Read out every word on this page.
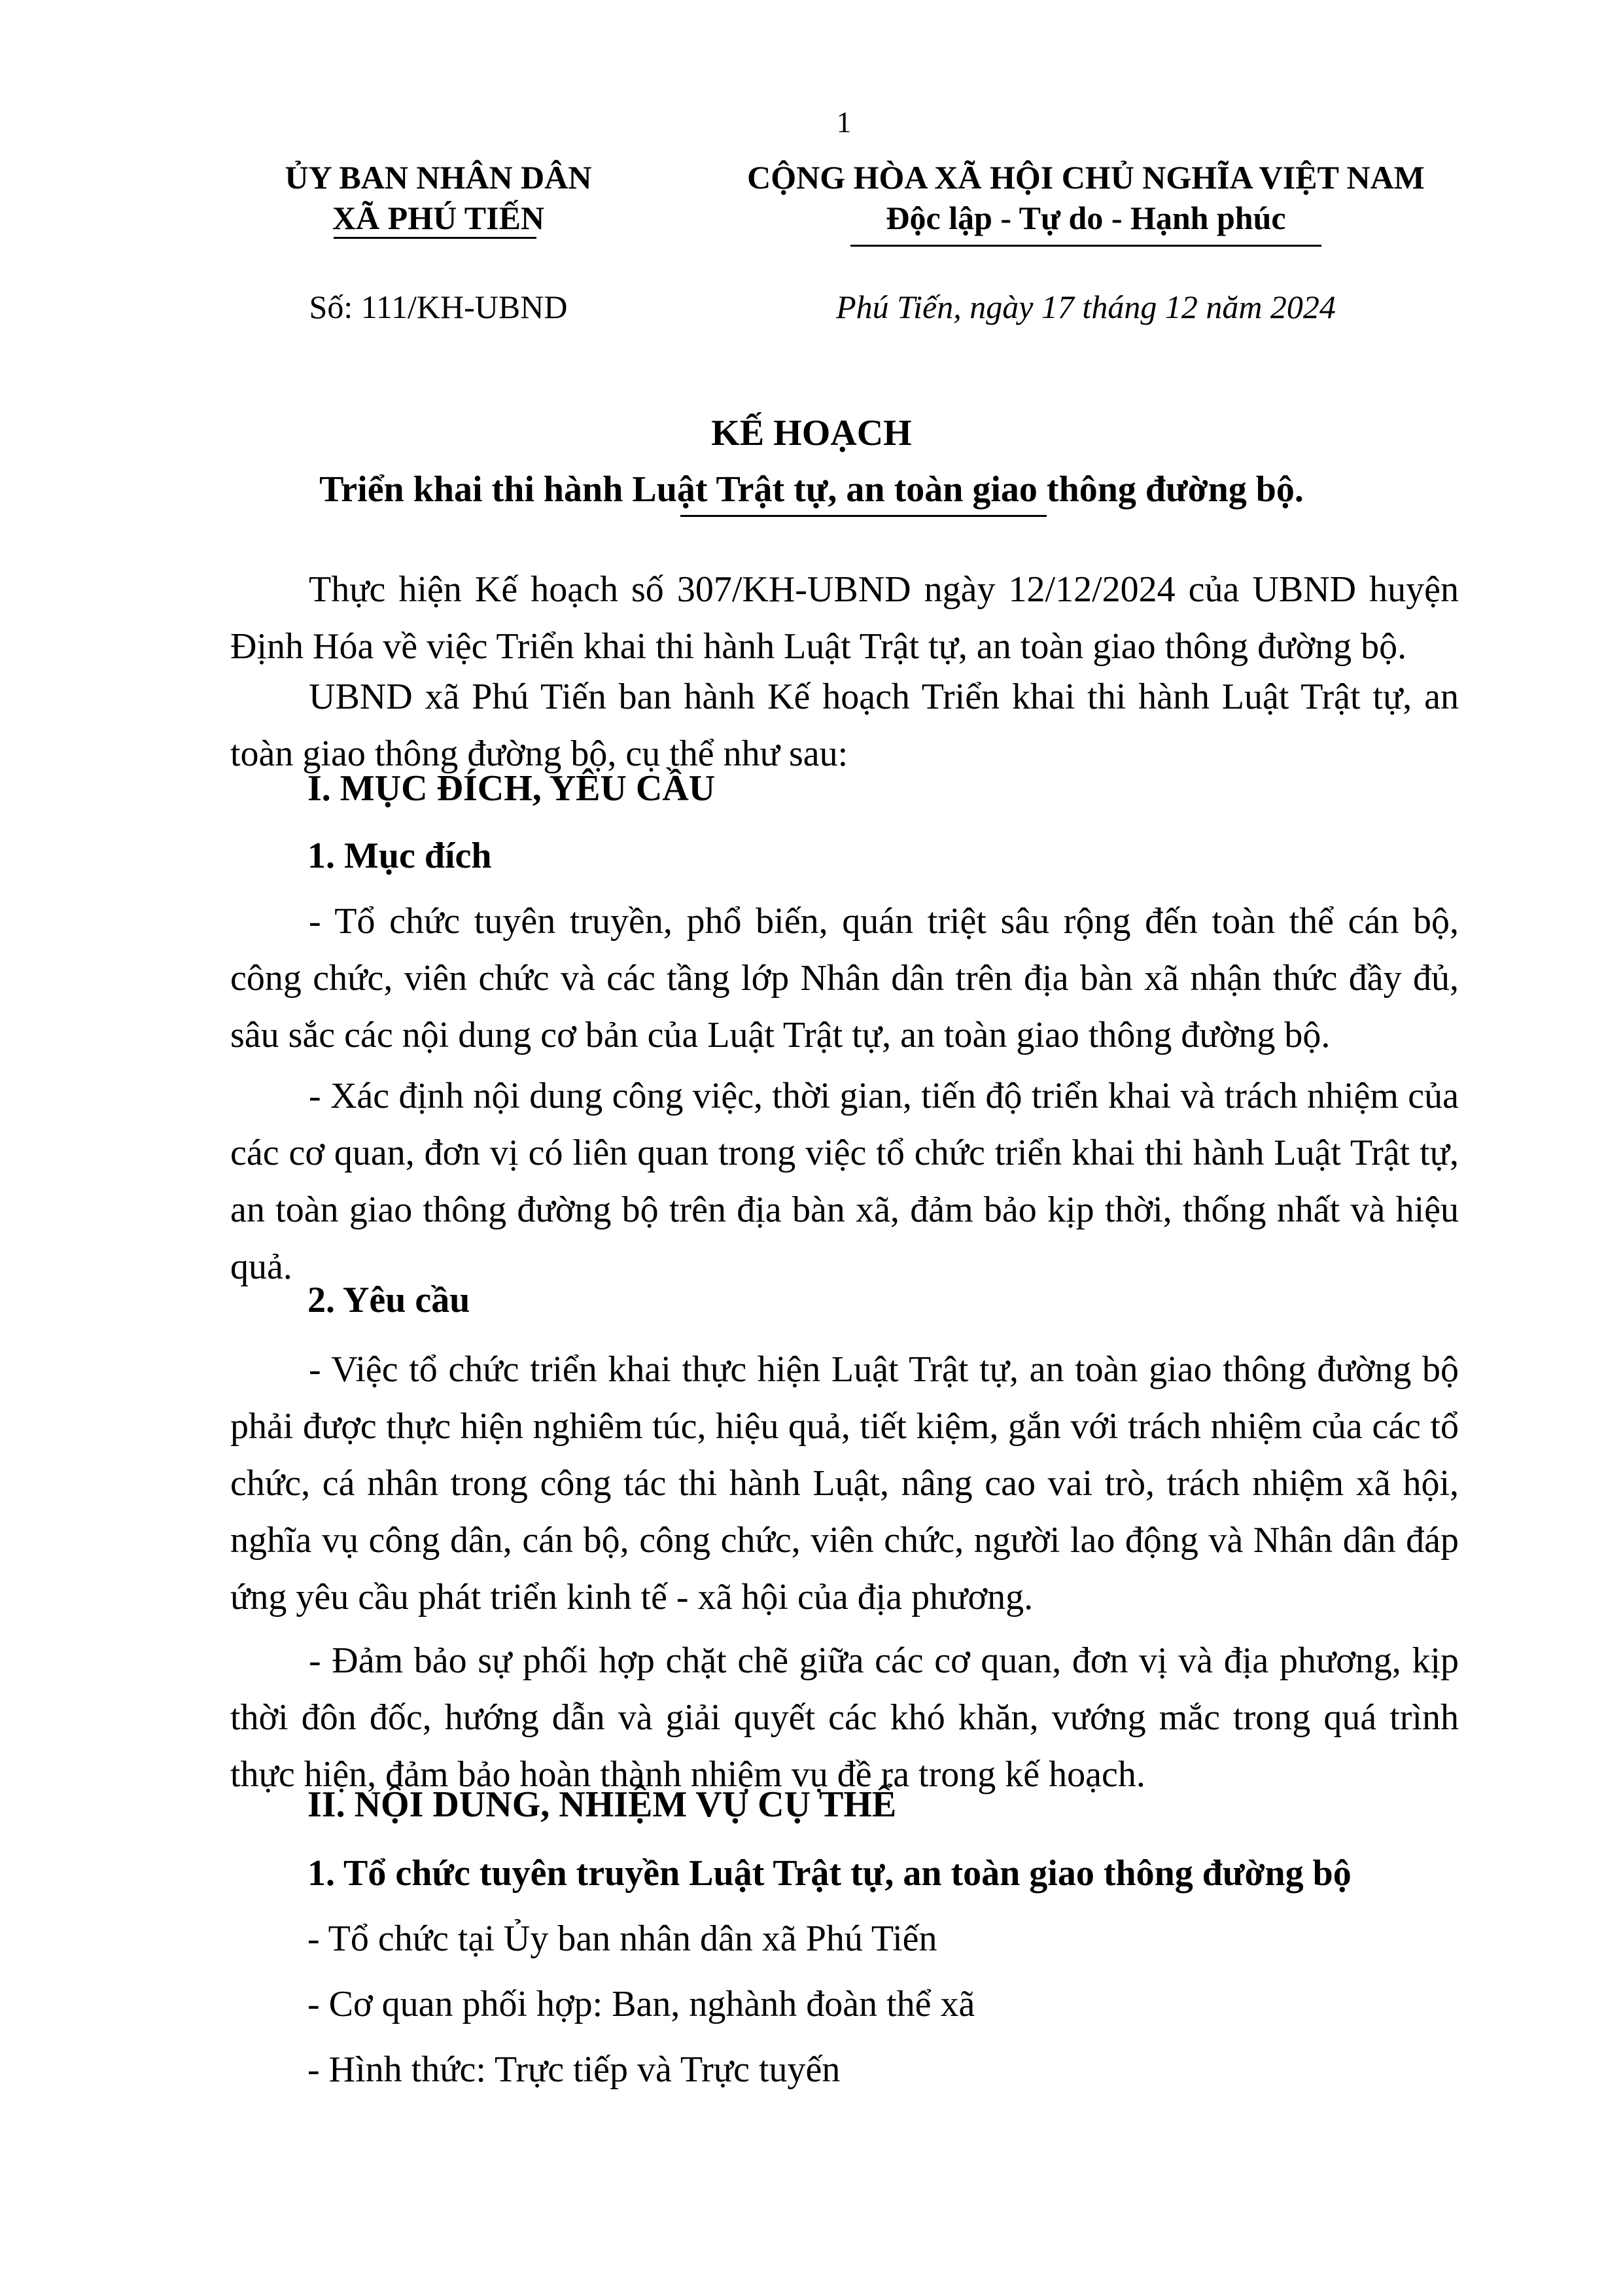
1
ỦY BAN NHÂN DÂN
XÃ PHÚ TIẾN
CỘNG HÒA XÃ HỘI CHỦ NGHĨA VIỆT NAM
Độc lập - Tự do - Hạnh phúc
Số: 111/KH-UBND	Phú Tiến, ngày 17 tháng 12 năm 2024
KẾ HOẠCH
Triển khai thi hành Luật Trật tự, an toàn giao thông đường bộ.
Thực hiện Kế hoạch số 307/KH-UBND ngày 12/12/2024 của UBND huyện Định Hóa về việc Triển khai thi hành Luật Trật tự, an toàn giao thông đường bộ.
UBND xã Phú Tiến ban hành Kế hoạch Triển khai thi hành Luật Trật tự, an toàn giao thông đường bộ, cụ thể như sau:
I. MỤC ĐÍCH, YÊU CẦU
1. Mục đích
- Tổ chức tuyên truyền, phổ biến, quán triệt sâu rộng đến toàn thể cán bộ, công chức, viên chức và các tầng lớp Nhân dân trên địa bàn xã nhận thức đầy đủ, sâu sắc các nội dung cơ bản của Luật Trật tự, an toàn giao thông đường bộ.
- Xác định nội dung công việc, thời gian, tiến độ triển khai và trách nhiệm của các cơ quan, đơn vị có liên quan trong việc tổ chức triển khai thi hành Luật Trật tự, an toàn giao thông đường bộ trên địa bàn xã, đảm bảo kịp thời, thống nhất và hiệu quả.
2. Yêu cầu
- Việc tổ chức triển khai thực hiện Luật Trật tự, an toàn giao thông đường bộ phải được thực hiện nghiêm túc, hiệu quả, tiết kiệm, gắn với trách nhiệm của các tổ chức, cá nhân trong công tác thi hành Luật, nâng cao vai trò, trách nhiệm xã hội, nghĩa vụ công dân, cán bộ, công chức, viên chức, người lao động và Nhân dân đáp ứng yêu cầu phát triển kinh tế - xã hội của địa phương.
- Đảm bảo sự phối hợp chặt chẽ giữa các cơ quan, đơn vị và địa phương, kịp thời đôn đốc, hướng dẫn và giải quyết các khó khăn, vướng mắc trong quá trình thực hiện, đảm bảo hoàn thành nhiệm vụ đề ra trong kế hoạch.
II. NỘI DUNG, NHIỆM VỤ CỤ THỂ
1. Tổ chức tuyên truyền Luật Trật tự, an toàn giao thông đường bộ
- Tổ chức tại Ủy ban nhân dân xã Phú Tiến
- Cơ quan phối hợp: Ban, nghành đoàn thể xã
- Hình thức: Trực tiếp và Trực tuyến
